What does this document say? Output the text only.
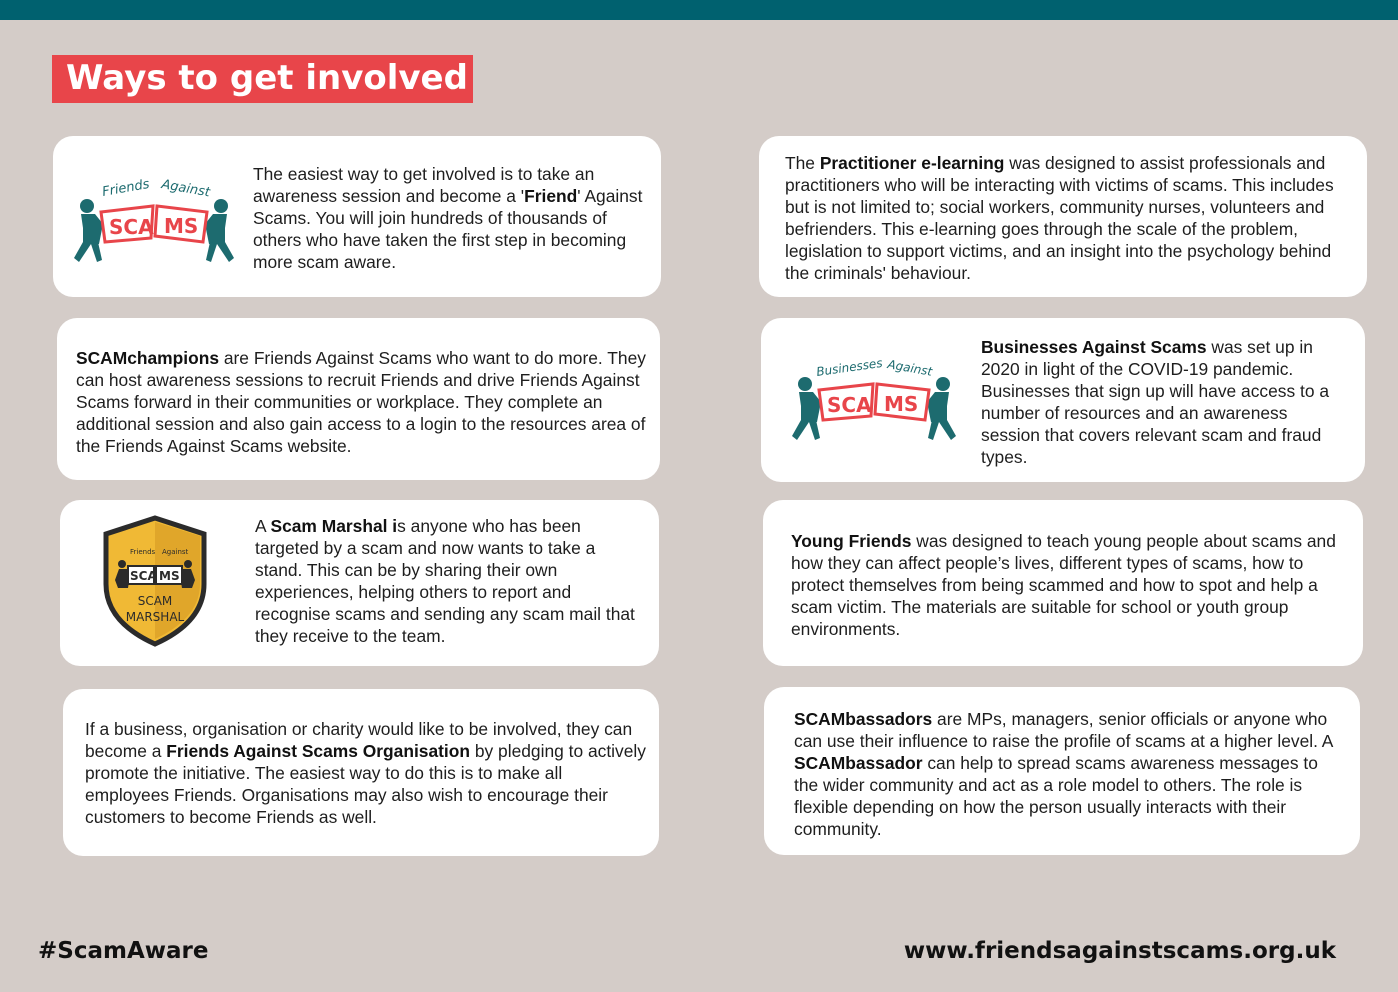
Ways to get involved
Friends Against
SCA MS
The easiest way to get involved is to take an awareness session and become a 'Friend' Against Scams. You will join hundreds of thousands of others who have taken the first step in becoming more scam aware.
SCAMchampions are Friends Against Scams who want to do more. They can host awareness sessions to recruit Friends and drive Friends Against Scams forward in their communities or workplace. They complete an additional session and also gain access to a login to the resources area of the Friends Against Scams website.
Friends Against
SCA MS
SCAM
MARSHAL
A Scam Marshal is anyone who has been targeted by a scam and now wants to take a stand. This can be by sharing their own experiences, helping others to report and recognise scams and sending any scam mail that they receive to the team.
If a business, organisation or charity would like to be involved, they can become a Friends Against Scams Organisation by pledging to actively promote the initiative. The easiest way to do this is to make all employees Friends. Organisations may also wish to encourage their customers to become Friends as well.
The Practitioner e-learning was designed to assist professionals and practitioners who will be interacting with victims of scams. This includes but is not limited to; social workers, community nurses, volunteers and befrienders. This e-learning goes through the scale of the problem, legislation to support victims, and an insight into the psychology behind the criminals' behaviour.
Businesses Against
SCA MS
Businesses Against Scams was set up in 2020 in light of the COVID-19 pandemic. Businesses that sign up will have access to a number of resources and an awareness session that covers relevant scam and fraud types.
Young Friends was designed to teach young people about scams and how they can affect people’s lives, different types of scams, how to protect themselves from being scammed and how to spot and help a scam victim. The materials are suitable for school or youth group environments.
SCAMbassadors are MPs, managers, senior officials or anyone who can use their influence to raise the profile of scams at a higher level. A SCAMbassador can help to spread scams awareness messages to the wider community and act as a role model to others. The role is flexible depending on how the person usually interacts with their community.
#ScamAware	www.friendsagainstscams.org.uk
